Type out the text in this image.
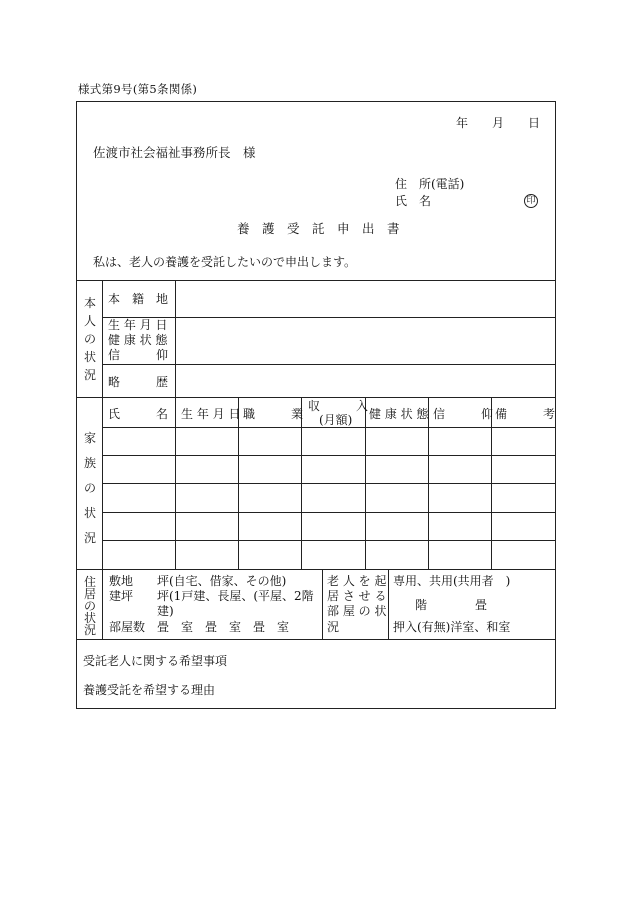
様式第9号(第5条関係)
年 月 日
佐渡市社会福祉事務所長　様
住　所(電話)
氏　名	印
養　護　受　託　申　出　書
私は、老人の養護を受託したいので申出します。
本
人
の
状
況
本　籍　地
生 年 月 日
健 康 状 態
信　　　仰
略　　　歴
家
族
の
状
況
氏　　　名 生 年 月 日 職　　　業
収　　　入
(月額) 健 康 状 態 信　　　仰 備　　　考
住
居
の
状
況
敷地　　坪(自宅、借家、その他)
建坪　　坪(1戸建、長屋、(平屋、2階
建)
部屋数　畳　室　畳　室　畳　室
老 人 を 起
居 さ せ る
部 屋 の 状
況
専用、共用(共用者　)
階　　　　畳
押入(有無)洋室、和室
受託老人に関する希望事項
養護受託を希望する理由
